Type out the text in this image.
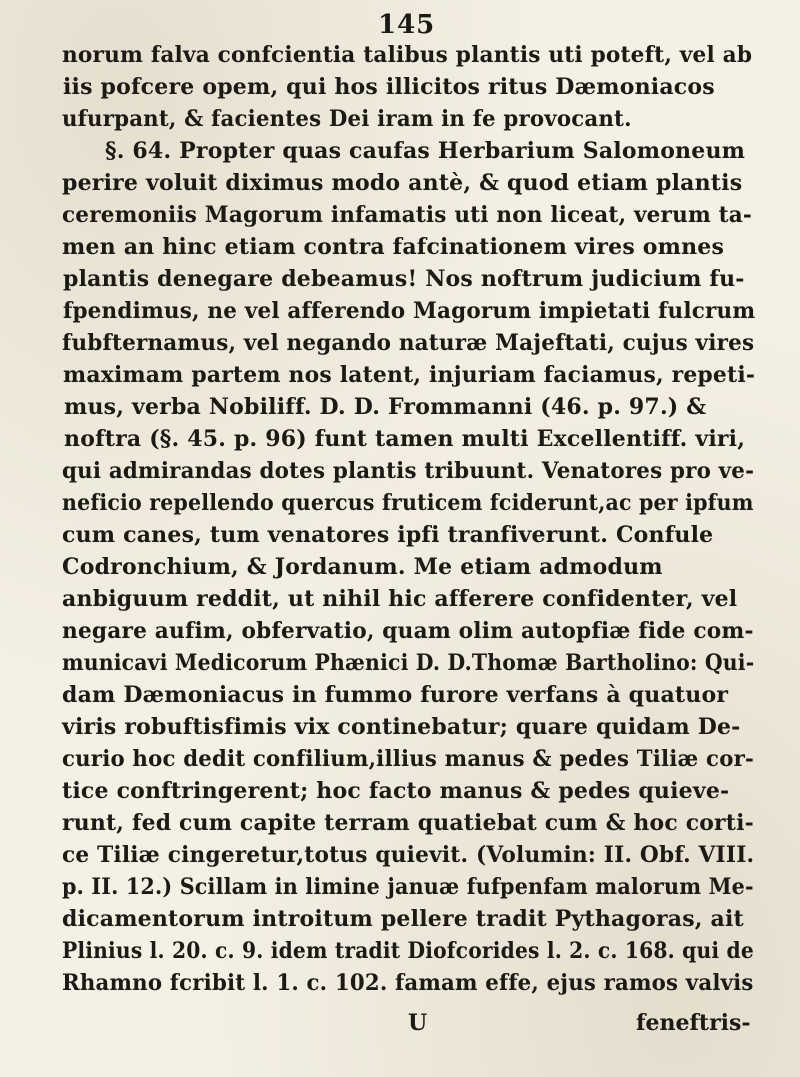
145
norum falva confcientia talibus plantis uti poteft, vel ab
iis pofcere opem, qui hos illicitos ritus Dæmoniacos
ufurpant, & facientes Dei iram in fe provocant.
§. 64. Propter quas caufas Herbarium Salomoneum
perire voluit diximus modo antè, & quod etiam plantis
ceremoniis Magorum infamatis uti non liceat, verum ta-
men an hinc etiam contra fafcinationem vires omnes
plantis denegare debeamus! Nos noftrum judicium fu-
fpendimus, ne vel afferendo Magorum impietati fulcrum
fubfternamus, vel negando naturæ Majeftati, cujus vires
maximam partem nos latent, injuriam faciamus, repeti-
mus, verba Nobiliff. D. D. Frommanni (46. p. 97.) &
noftra (§. 45. p. 96) funt tamen multi Excellentiff. viri,
qui admirandas dotes plantis tribuunt. Venatores pro ve-
neficio repellendo quercus fruticem fciderunt,ac per ipfum
cum canes, tum venatores ipfi tranfiverunt. Confule
Codronchium, & Jordanum. Me etiam admodum
anbiguum reddit, ut nihil hic afferere confidenter, vel
negare aufim, obfervatio, quam olim autopfiæ fide com-
municavi Medicorum Phænici D. D.Thomæ Bartholino: Qui-
dam Dæmoniacus in fummo furore verfans à quatuor
viris robuftisfimis vix continebatur; quare quidam De-
curio hoc dedit confilium,illius manus & pedes Tiliæ cor-
tice conftringerent; hoc facto manus & pedes quieve-
runt, fed cum capite terram quatiebat cum & hoc corti-
ce Tiliæ cingeretur,totus quievit. (Volumin: II. Obf. VIII.
p. II. 12.) Scillam in limine januæ fufpenfam malorum Me-
dicamentorum introitum pellere tradit Pythagoras, ait
Plinius l. 20. c. 9. idem tradit Diofcorides l. 2. c. 168. qui de
Rhamno fcribit l. 1. c. 102. famam effe, ejus ramos valvis
U	feneftris-
